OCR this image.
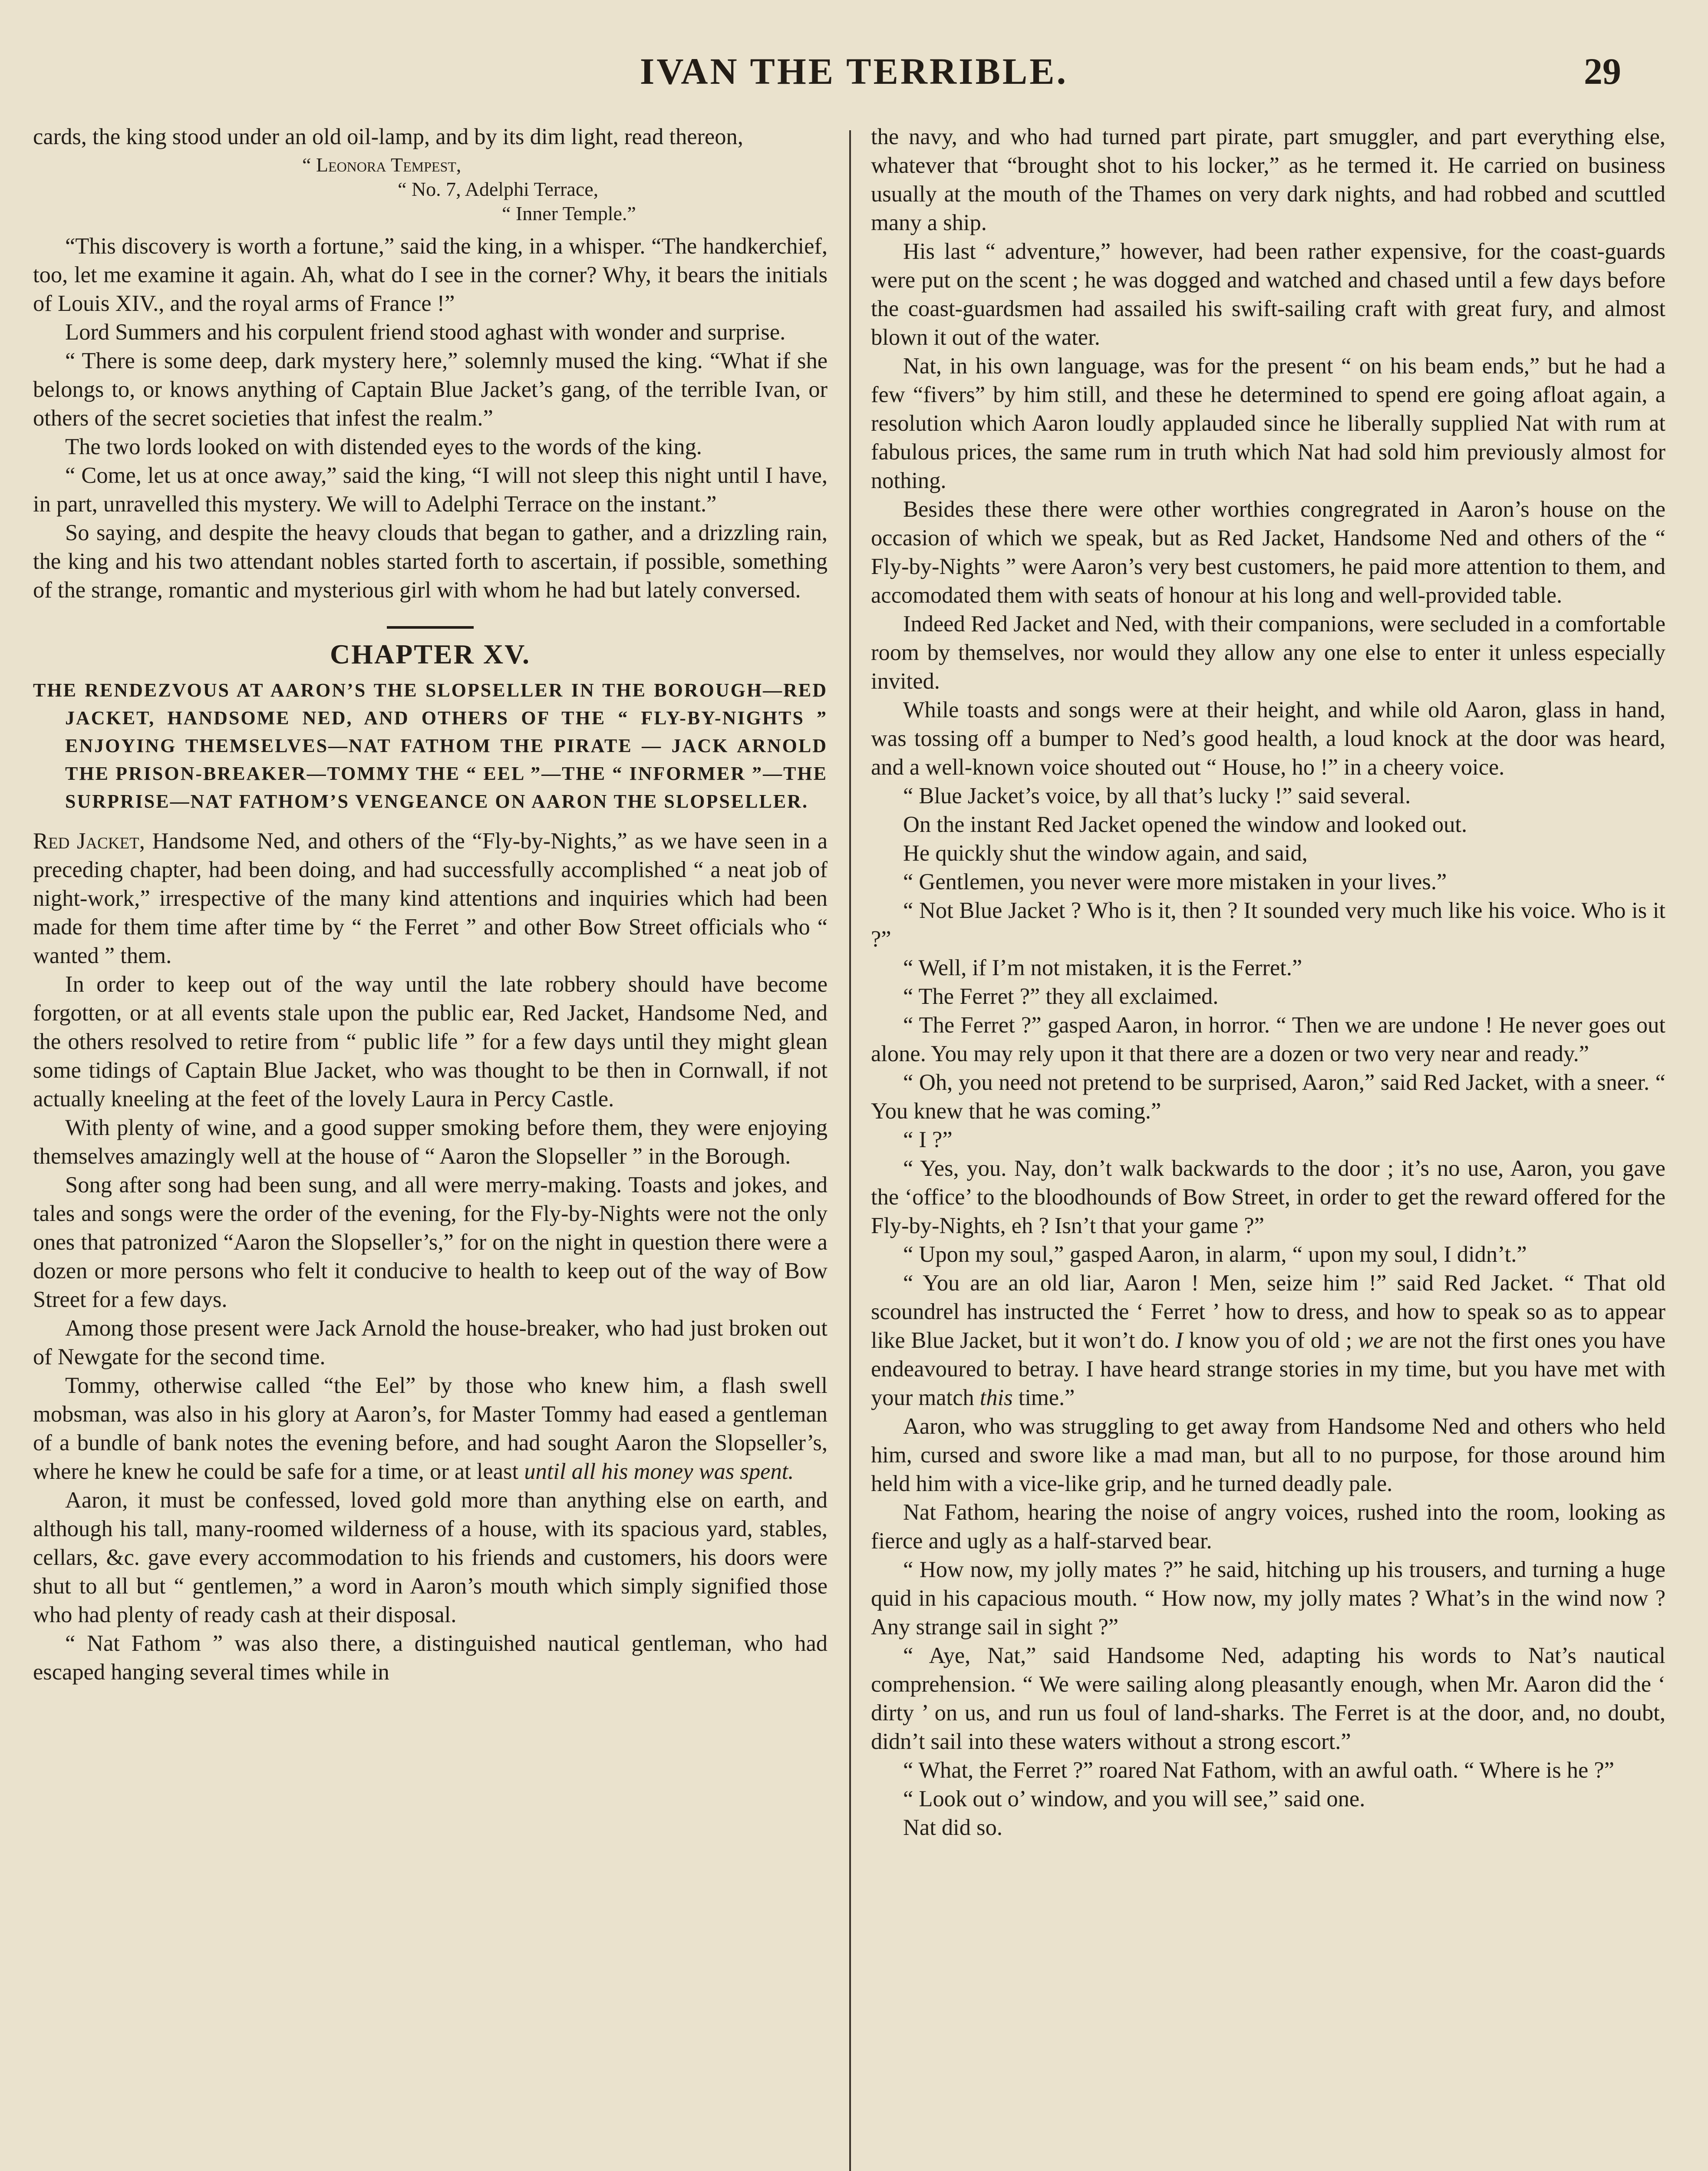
IVAN THE TERRIBLE.	29

cards, the king stood under an old oil-lamp, and by its dim light, read thereon,

“ Leonora Tempest,
“ No. 7, Adelphi Terrace,
“ Inner Temple.”

“This discovery is worth a fortune,” said the king, in a whisper. “The handkerchief, too, let me examine it again. Ah, what do I see in the corner? Why, it bears the initials of Louis XIV., and the royal arms of France !”

Lord Summers and his corpulent friend stood aghast with wonder and surprise.

“ There is some deep, dark mystery here,” solemnly mused the king. “What if she belongs to, or knows anything of Captain Blue Jacket’s gang, of the terrible Ivan, or others of the secret societies that infest the realm.”

The two lords looked on with distended eyes to the words of the king.

“ Come, let us at once away,” said the king, “I will not sleep this night until I have, in part, unravelled this mystery. We will to Adelphi Terrace on the instant.”

So saying, and despite the heavy clouds that began to gather, and a drizzling rain, the king and his two attendant nobles started forth to ascertain, if possible, something of the strange, romantic and mysterious girl with whom he had but lately conversed.

CHAPTER XV.
THE RENDEZVOUS AT AARON’S THE SLOPSELLER IN THE BOROUGH—RED JACKET, HANDSOME NED, AND OTHERS OF THE “ FLY-BY-NIGHTS ” ENJOYING THEMSELVES—NAT FATHOM THE PIRATE — JACK ARNOLD THE PRISON-BREAKER—TOMMY THE “ EEL ”—THE “ INFORMER ”—THE SURPRISE—NAT FATHOM’S VENGEANCE ON AARON THE SLOPSELLER.

Red Jacket, Handsome Ned, and others of the “Fly-by-Nights,” as we have seen in a preceding chapter, had been doing, and had successfully accomplished “ a neat job of night-work,” irrespective of the many kind attentions and inquiries which had been made for them time after time by “ the Ferret ” and other Bow Street officials who “ wanted ” them.

In order to keep out of the way until the late robbery should have become forgotten, or at all events stale upon the public ear, Red Jacket, Handsome Ned, and the others resolved to retire from “ public life ” for a few days until they might glean some tidings of Captain Blue Jacket, who was thought to be then in Cornwall, if not actually kneeling at the feet of the lovely Laura in Percy Castle.

With plenty of wine, and a good supper smoking before them, they were enjoying themselves amazingly well at the house of “ Aaron the Slopseller ” in the Borough.

Song after song had been sung, and all were merry-making. Toasts and jokes, and tales and songs were the order of the evening, for the Fly-by-Nights were not the only ones that patronized “Aaron the Slopseller’s,” for on the night in question there were a dozen or more persons who felt it conducive to health to keep out of the way of Bow Street for a few days.

Among those present were Jack Arnold the house-breaker, who had just broken out of Newgate for the second time.

Tommy, otherwise called “the Eel” by those who knew him, a flash swell mobsman, was also in his glory at Aaron’s, for Master Tommy had eased a gentleman of a bundle of bank notes the evening before, and had sought Aaron the Slopseller’s, where he knew he could be safe for a time, or at least until all his money was spent.

Aaron, it must be confessed, loved gold more than anything else on earth, and although his tall, many-roomed wilderness of a house, with its spacious yard, stables, cellars, &c. gave every accommodation to his friends and customers, his doors were shut to all but “ gentlemen,” a word in Aaron’s mouth which simply signified those who had plenty of ready cash at their disposal.

“ Nat Fathom ” was also there, a distinguished nautical gentleman, who had escaped hanging several times while in

the navy, and who had turned part pirate, part smuggler, and part everything else, whatever that “brought shot to his locker,” as he termed it. He carried on business usually at the mouth of the Thames on very dark nights, and had robbed and scuttled many a ship.

His last “ adventure,” however, had been rather expensive, for the coast-guards were put on the scent ; he was dogged and watched and chased until a few days before the coast-guardsmen had assailed his swift-sailing craft with great fury, and almost blown it out of the water.

Nat, in his own language, was for the present “ on his beam ends,” but he had a few “fivers” by him still, and these he determined to spend ere going afloat again, a resolution which Aaron loudly applauded since he liberally supplied Nat with rum at fabulous prices, the same rum in truth which Nat had sold him previously almost for nothing.

Besides these there were other worthies congregrated in Aaron’s house on the occasion of which we speak, but as Red Jacket, Handsome Ned and others of the “ Fly-by-Nights ” were Aaron’s very best customers, he paid more attention to them, and accomodated them with seats of honour at his long and well-provided table.

Indeed Red Jacket and Ned, with their companions, were secluded in a comfortable room by themselves, nor would they allow any one else to enter it unless especially invited.

While toasts and songs were at their height, and while old Aaron, glass in hand, was tossing off a bumper to Ned’s good health, a loud knock at the door was heard, and a well-known voice shouted out “ House, ho !” in a cheery voice.

“ Blue Jacket’s voice, by all that’s lucky !” said several.

On the instant Red Jacket opened the window and looked out.

He quickly shut the window again, and said,

“ Gentlemen, you never were more mistaken in your lives.”

“ Not Blue Jacket ? Who is it, then ? It sounded very much like his voice. Who is it ?”

“ Well, if I’m not mistaken, it is the Ferret.”

“ The Ferret ?” they all exclaimed.

“ The Ferret ?” gasped Aaron, in horror. “ Then we are undone ! He never goes out alone. You may rely upon it that there are a dozen or two very near and ready.”

“ Oh, you need not pretend to be surprised, Aaron,” said Red Jacket, with a sneer. “ You knew that he was coming.”

“ I ?”

“ Yes, you. Nay, don’t walk backwards to the door ; it’s no use, Aaron, you gave the ‘office’ to the bloodhounds of Bow Street, in order to get the reward offered for the Fly-by-Nights, eh ? Isn’t that your game ?”

“ Upon my soul,” gasped Aaron, in alarm, “ upon my soul, I didn’t.”

“ You are an old liar, Aaron ! Men, seize him !” said Red Jacket. “ That old scoundrel has instructed the ‘ Ferret ’ how to dress, and how to speak so as to appear like Blue Jacket, but it won’t do. I know you of old ; we are not the first ones you have endeavoured to betray. I have heard strange stories in my time, but you have met with your match this time.”

Aaron, who was struggling to get away from Handsome Ned and others who held him, cursed and swore like a mad man, but all to no purpose, for those around him held him with a vice-like grip, and he turned deadly pale.

Nat Fathom, hearing the noise of angry voices, rushed into the room, looking as fierce and ugly as a half-starved bear.

“ How now, my jolly mates ?” he said, hitching up his trousers, and turning a huge quid in his capacious mouth. “ How now, my jolly mates ? What’s in the wind now ? Any strange sail in sight ?”

“ Aye, Nat,” said Handsome Ned, adapting his words to Nat’s nautical comprehension. “ We were sailing along pleasantly enough, when Mr. Aaron did the ‘ dirty ’ on us, and run us foul of land-sharks. The Ferret is at the door, and, no doubt, didn’t sail into these waters without a strong escort.”

“ What, the Ferret ?” roared Nat Fathom, with an awful oath. “ Where is he ?”

“ Look out o’ window, and you will see,” said one.

Nat did so.
